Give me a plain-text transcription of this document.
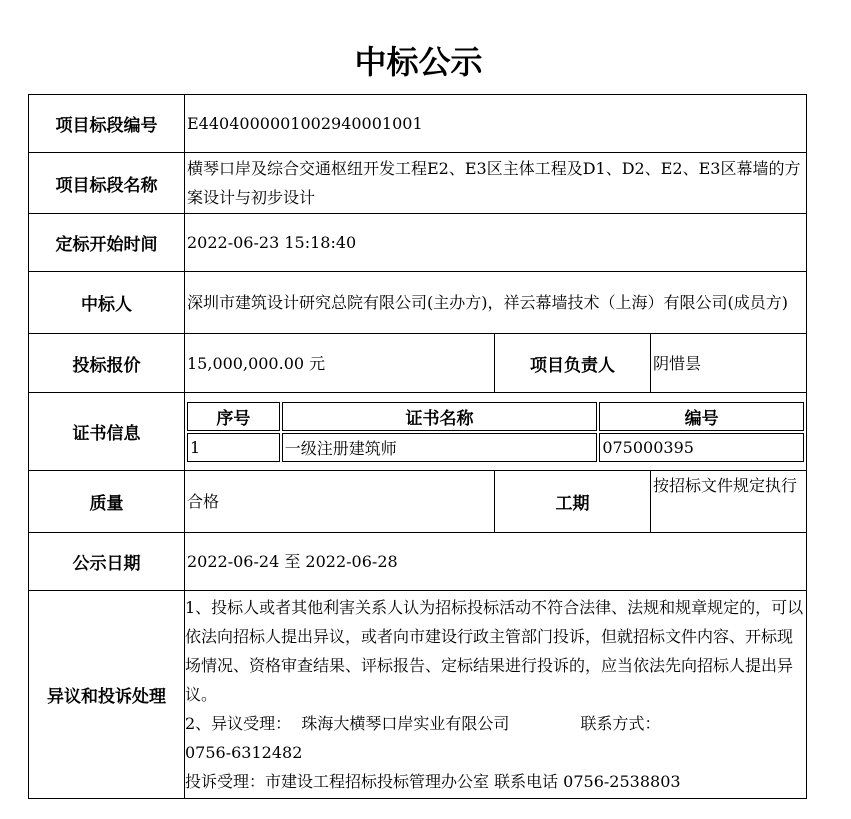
中标公示
项目标段编号	E4404000001002940001001
项目标段名称	横琴口岸及综合交通枢纽开发工程E2、E3区主体工程及D1、D2、E2、E3区幕墙的方案设计与初步设计
定标开始时间	2022-06-23 15:18:40
中标人	深圳市建筑设计研究总院有限公司(主办方)，祥云幕墙技术（上海）有限公司(成员方)
投标报价	15,000,000.00 元	项目负责人	阴惜昙
证书信息	
序号	证书名称	编号
1	一级注册建筑师	075000395

质量	合格	工期	按招标文件规定执行
公示日期	2022-06-24 至 2022-06-28
异议和投诉处理	
1、投标人或者其他利害关系人认为招标投标活动不符合法律、法规和规章规定的，可以依法向招标人提出异议，或者向市建设行政主管部门投诉，但就招标文件内容、开标现场情况、资格审查结果、评标报告、定标结果进行投诉的，应当依法先向招标人提出异议。
2、异议受理：  珠海大横琴口岸实业有限公司              联系方式：
0756-6312482
投诉受理：市建设工程招标投标管理办公室 联系电话 0756-2538803
